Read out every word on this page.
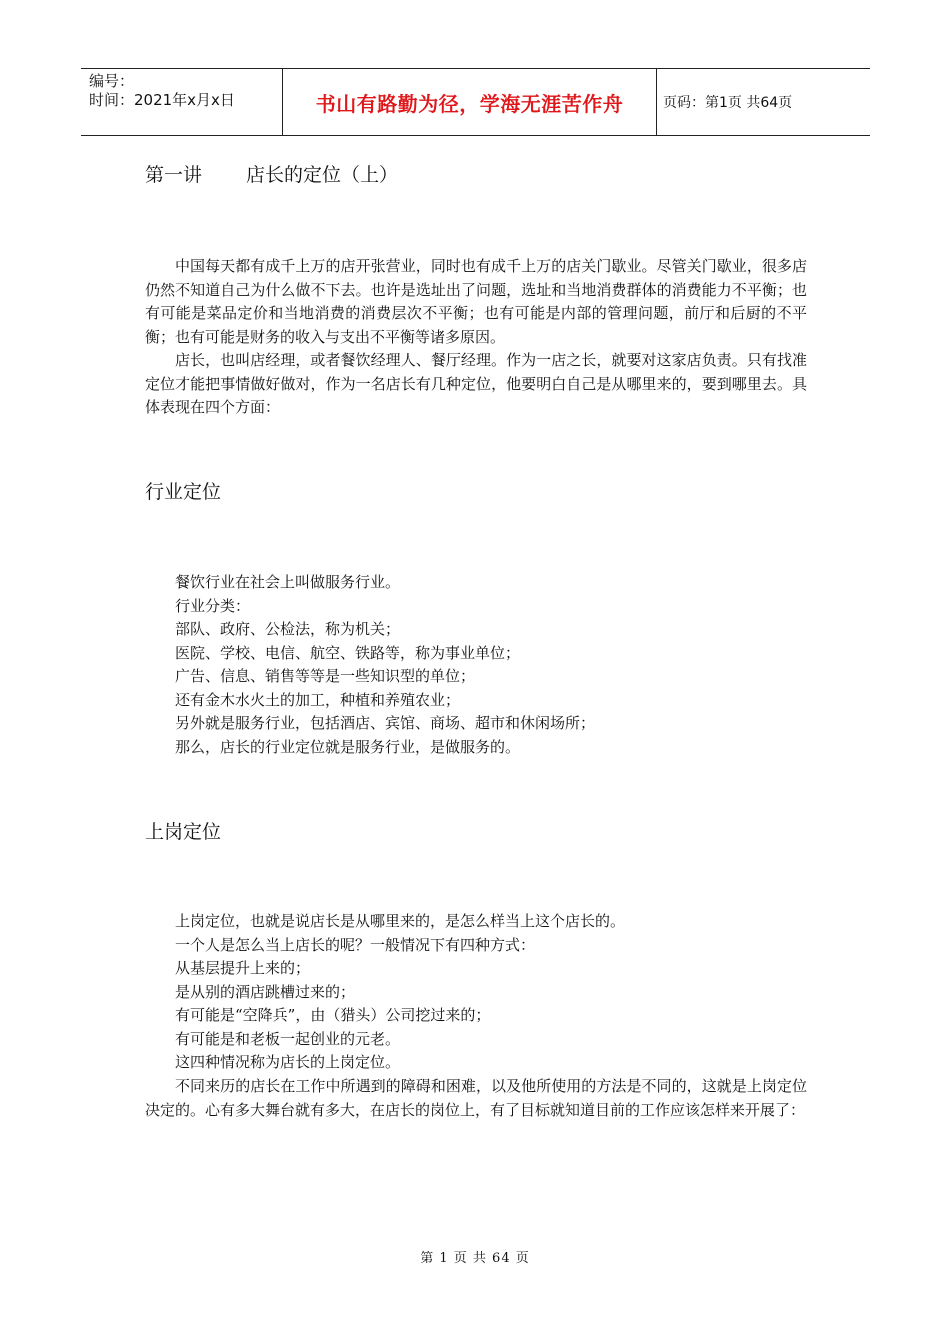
编号：
时间：2021年x月x日	书山有路勤为径，学海无涯苦作舟	页码：第1页 共64页
第一讲 店长的定位（上）

中国每天都有成千上万的店开张营业，同时也有成千上万的店关门歇业。尽管关门歇业，很多店仍然不知道自己为什么做不下去。也许是选址出了问题，选址和当地消费群体的消费能力不平衡；也有可能是菜品定价和当地消费的消费层次不平衡；也有可能是内部的管理问题，前厅和后厨的不平衡；也有可能是财务的收入与支出不平衡等诸多原因。

店长，也叫店经理，或者餐饮经理人、餐厅经理。作为一店之长，就要对这家店负责。只有找准定位才能把事情做好做对，作为一名店长有几种定位，他要明白自己是从哪里来的，要到哪里去。具体表现在四个方面：

行业定位
餐饮行业在社会上叫做服务行业。
行业分类：
部队、政府、公检法，称为机关；
医院、学校、电信、航空、铁路等，称为事业单位；
广告、信息、销售等等是一些知识型的单位；
还有金木水火土的加工，种植和养殖农业；
另外就是服务行业，包括酒店、宾馆、商场、超市和休闲场所；
那么，店长的行业定位就是服务行业，是做服务的。
上岗定位
上岗定位，也就是说店长是从哪里来的，是怎么样当上这个店长的。
一个人是怎么当上店长的呢？一般情况下有四种方式：
从基层提升上来的；
是从别的酒店跳槽过来的；
有可能是“空降兵”，由（猎头）公司挖过来的；
有可能是和老板一起创业的元老。
这四种情况称为店长的上岗定位。

不同来历的店长在工作中所遇到的障碍和困难，以及他所使用的方法是不同的，这就是上岗定位决定的。心有多大舞台就有多大，在店长的岗位上，有了目标就知道目前的工作应该怎样来开展了：

第 1 页 共 64 页
